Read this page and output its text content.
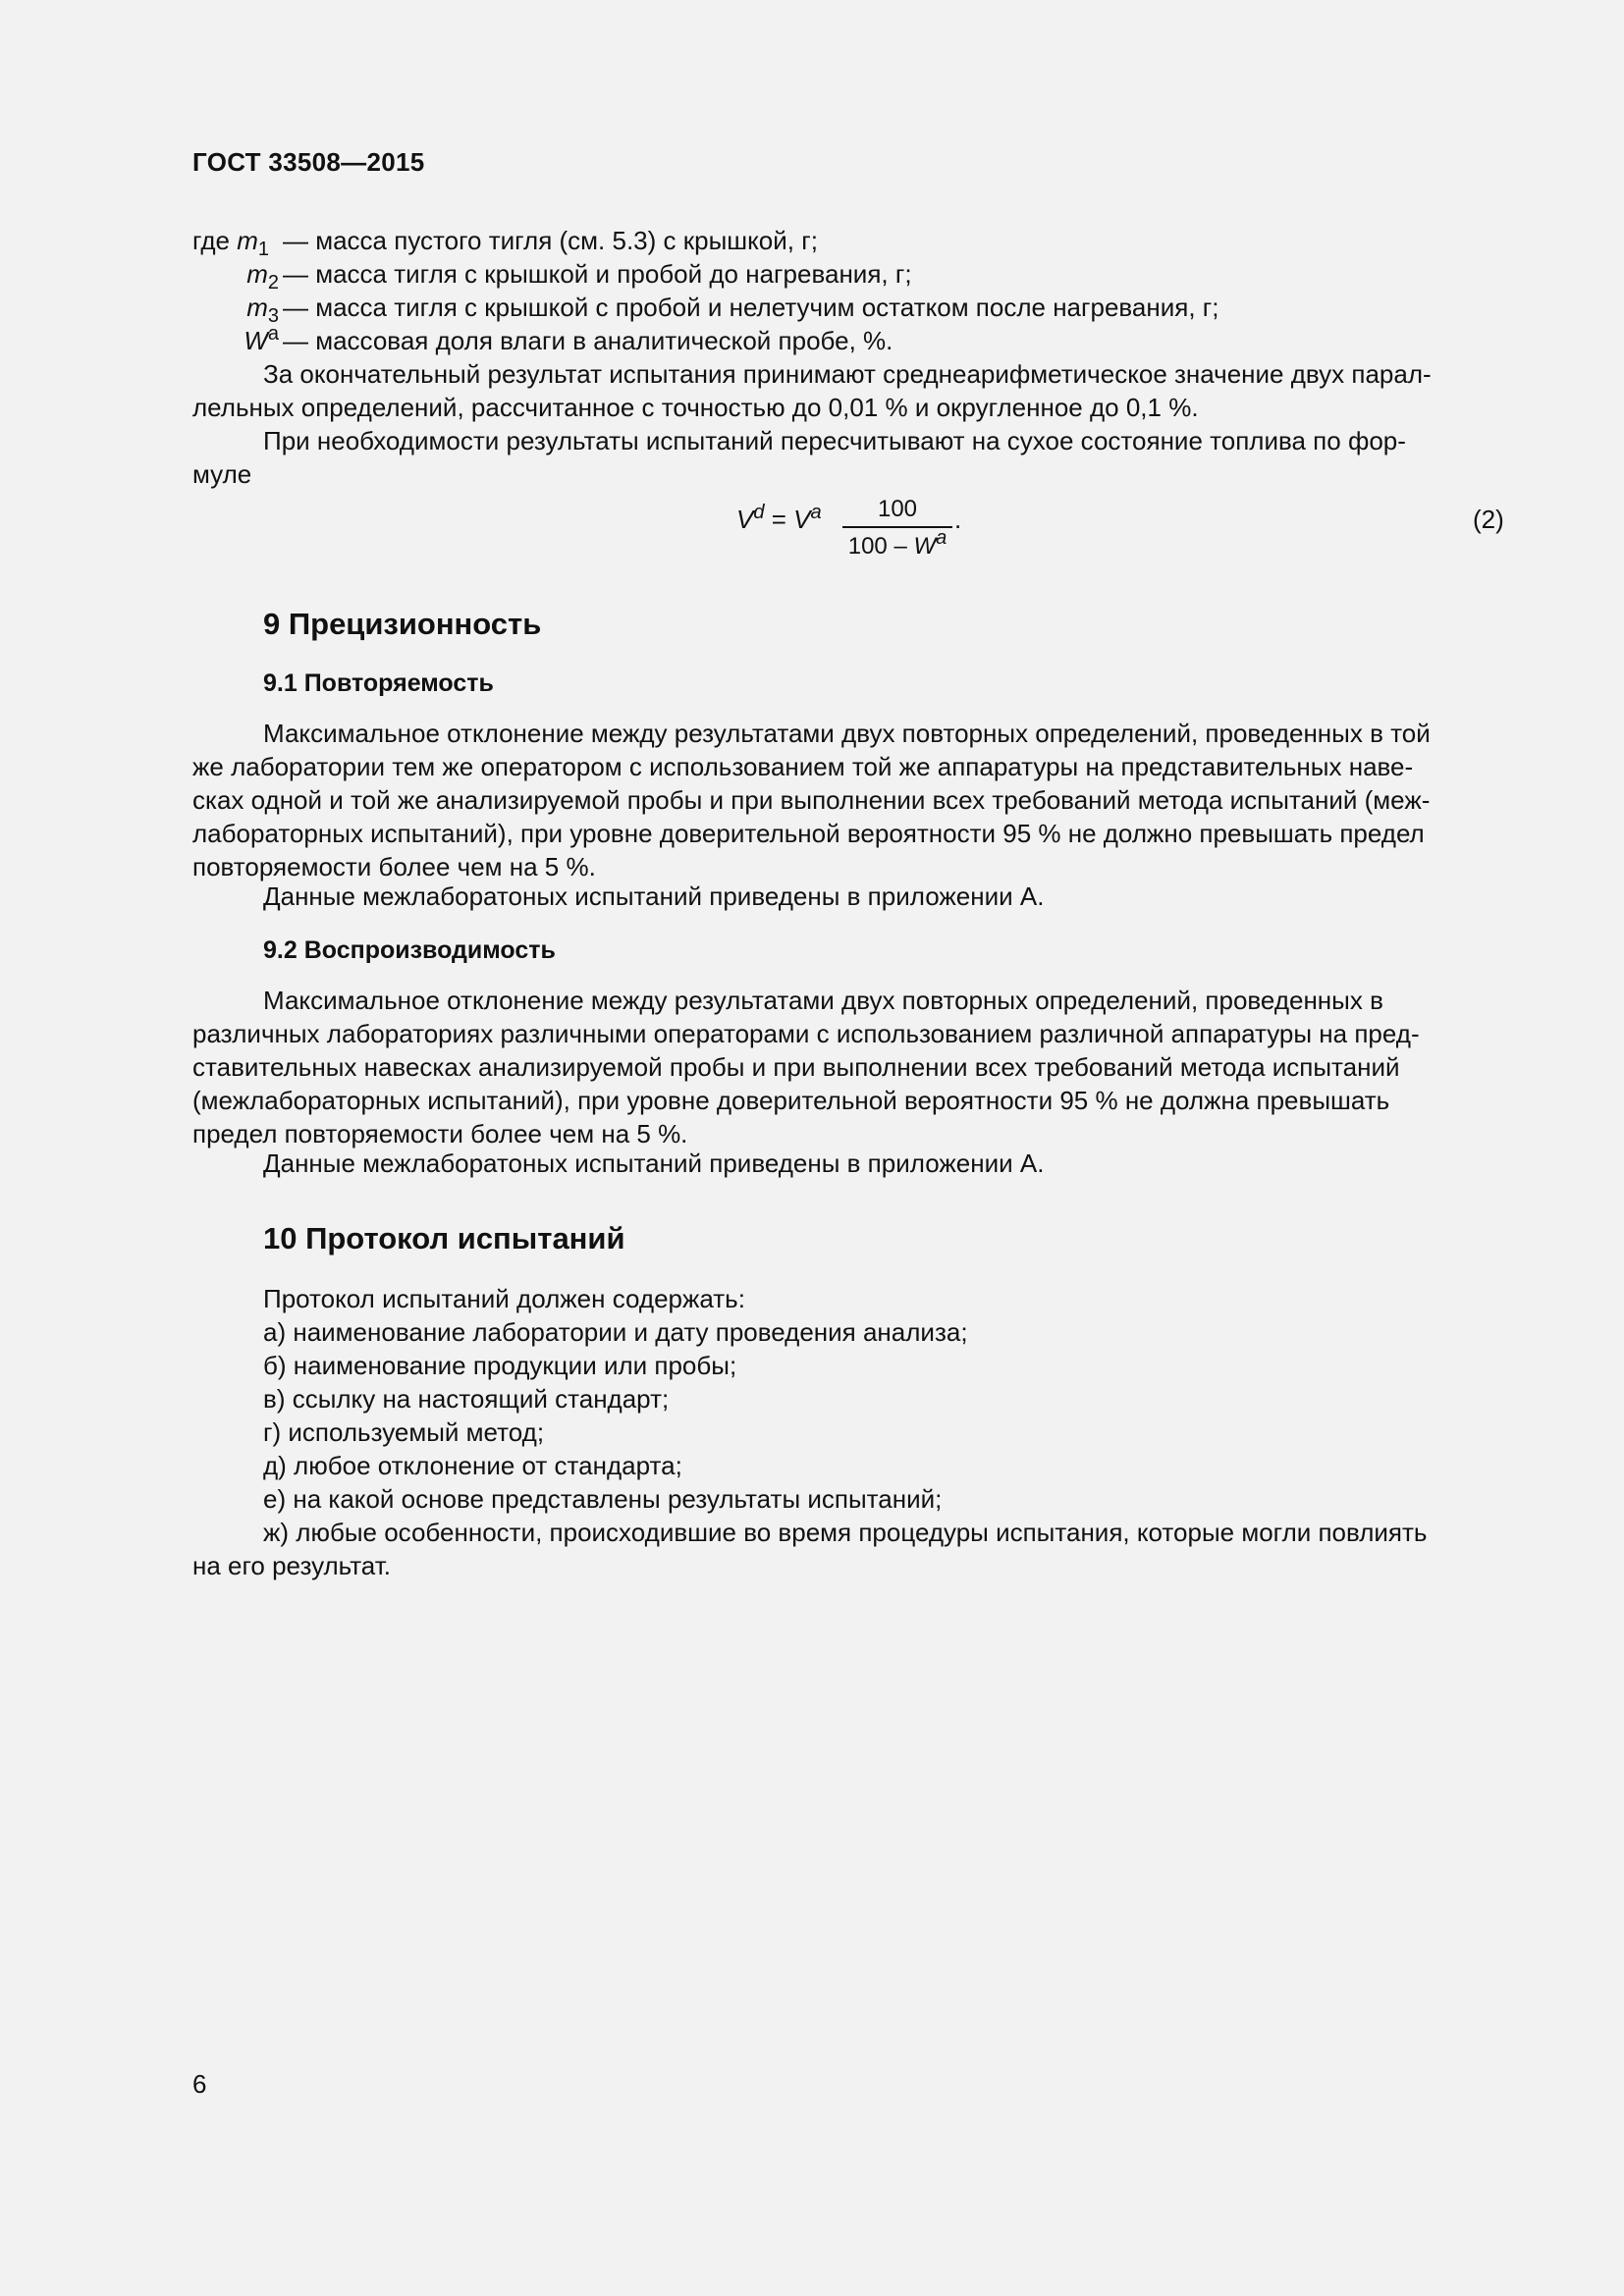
ГОСТ 33508—2015
где $m_1$ — масса пустого тигля (см. 5.3) с крышкой, г;
$m_2$ — масса тигля с крышкой и пробой до нагревания, г;
$m_3$ — масса тигля с крышкой с пробой и нелетучим остатком после нагревания, г;
$W^a$ — массовая доля влаги в аналитической пробе, %.
За окончательный результат испытания принимают среднеарифметическое значение двух парал-
лельных определений, рассчитанное с точностью до 0,01 % и округленное до 0,1 %.
При необходимости результаты испытаний пересчитывают на сухое состояние топлива по фор-
муле
$V^d = V^a$	100
$100 - W^a$
.	(2)
9 Прецизионность
9.1 Повторяемость
Максимальное отклонение между результатами двух повторных определений, проведенных в той
же лаборатории тем же оператором с использованием той же аппаратуры на представительных наве-
сках одной и той же анализируемой пробы и при выполнении всех требований метода испытаний (меж-
лабораторных испытаний), при уровне доверительной вероятности 95 % не должно превышать предел
повторяемости более чем на 5 %.
Данные межлаборатоных испытаний приведены в приложении А.
9.2 Воспроизводимость
Максимальное отклонение между результатами двух повторных определений, проведенных в
различных лабораториях различными операторами с использованием различной аппаратуры на пред-
ставительных навесках анализируемой пробы и при выполнении всех требований метода испытаний
(межлабораторных испытаний), при уровне доверительной вероятности 95 % не должна превышать
предел повторяемости более чем на 5 %.
Данные межлаборатоных испытаний приведены в приложении А.
10 Протокол испытаний
Протокол испытаний должен содержать:
а) наименование лаборатории и дату проведения анализа;
б) наименование продукции или пробы;
в) ссылку на настоящий стандарт;
г) используемый метод;
д) любое отклонение от стандарта;
е) на какой основе представлены результаты испытаний;
ж) любые особенности, происходившие во время процедуры испытания, которые могли повлиять
на его результат.
6
